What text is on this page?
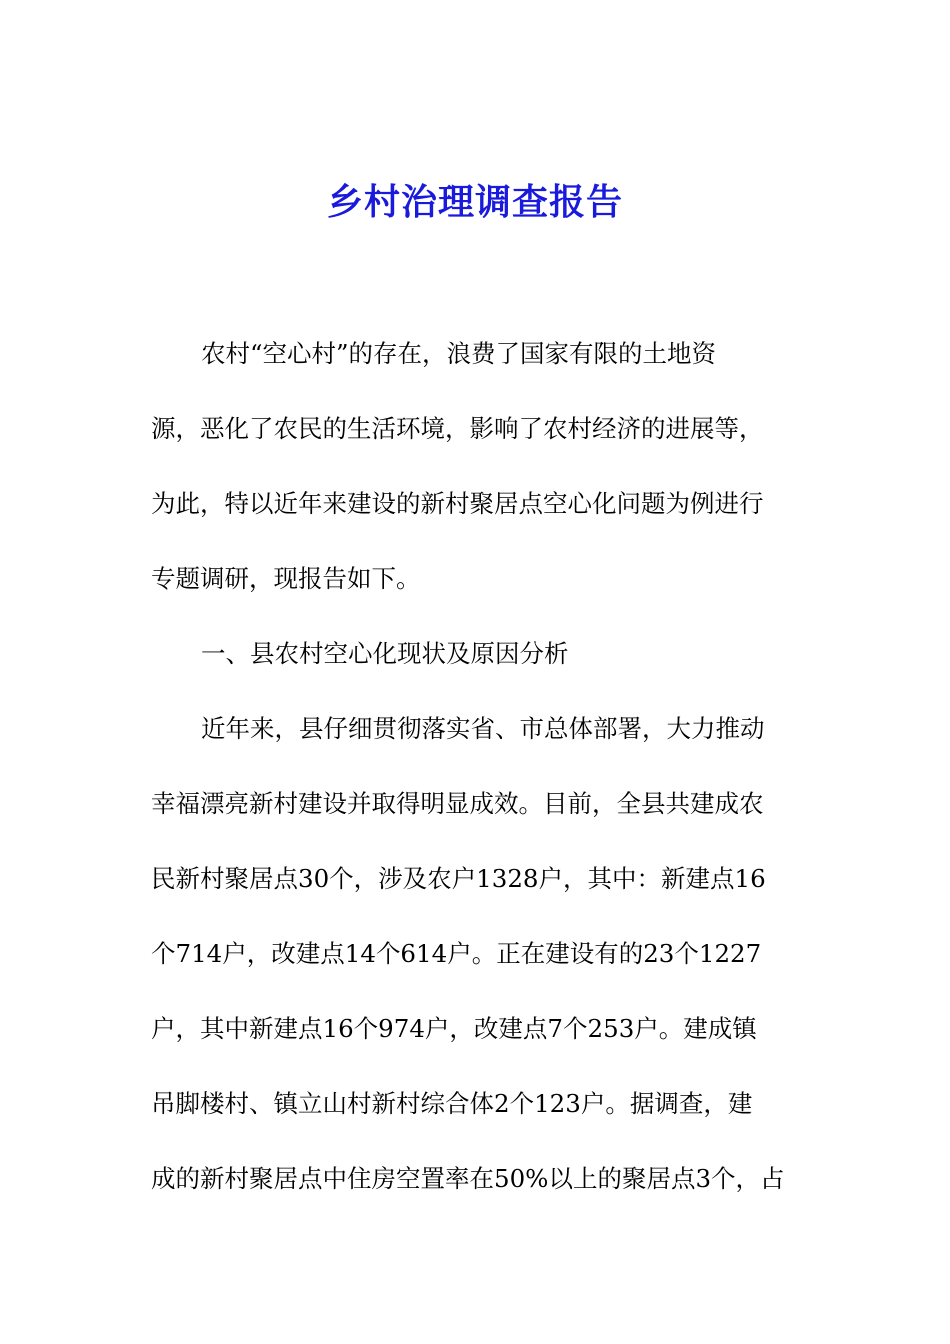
乡村治理调查报告
农村“空心村”的存在，浪费了国家有限的土地资
源，恶化了农民的生活环境，影响了农村经济的进展等，
为此，特以近年来建设的新村聚居点空心化问题为例进行
专题调研，现报告如下。
一、县农村空心化现状及原因分析
近年来，县仔细贯彻落实省、市总体部署，大力推动
幸福漂亮新村建设并取得明显成效。目前，全县共建成农
民新村聚居点30个，涉及农户1328户，其中：新建点16
个714户，改建点14个614户。正在建设有的23个1227
户，其中新建点16个974户，改建点7个253户。建成镇
吊脚楼村、镇立山村新村综合体2个123户。据调查，建
成的新村聚居点中住房空置率在50%以上的聚居点3个，占
